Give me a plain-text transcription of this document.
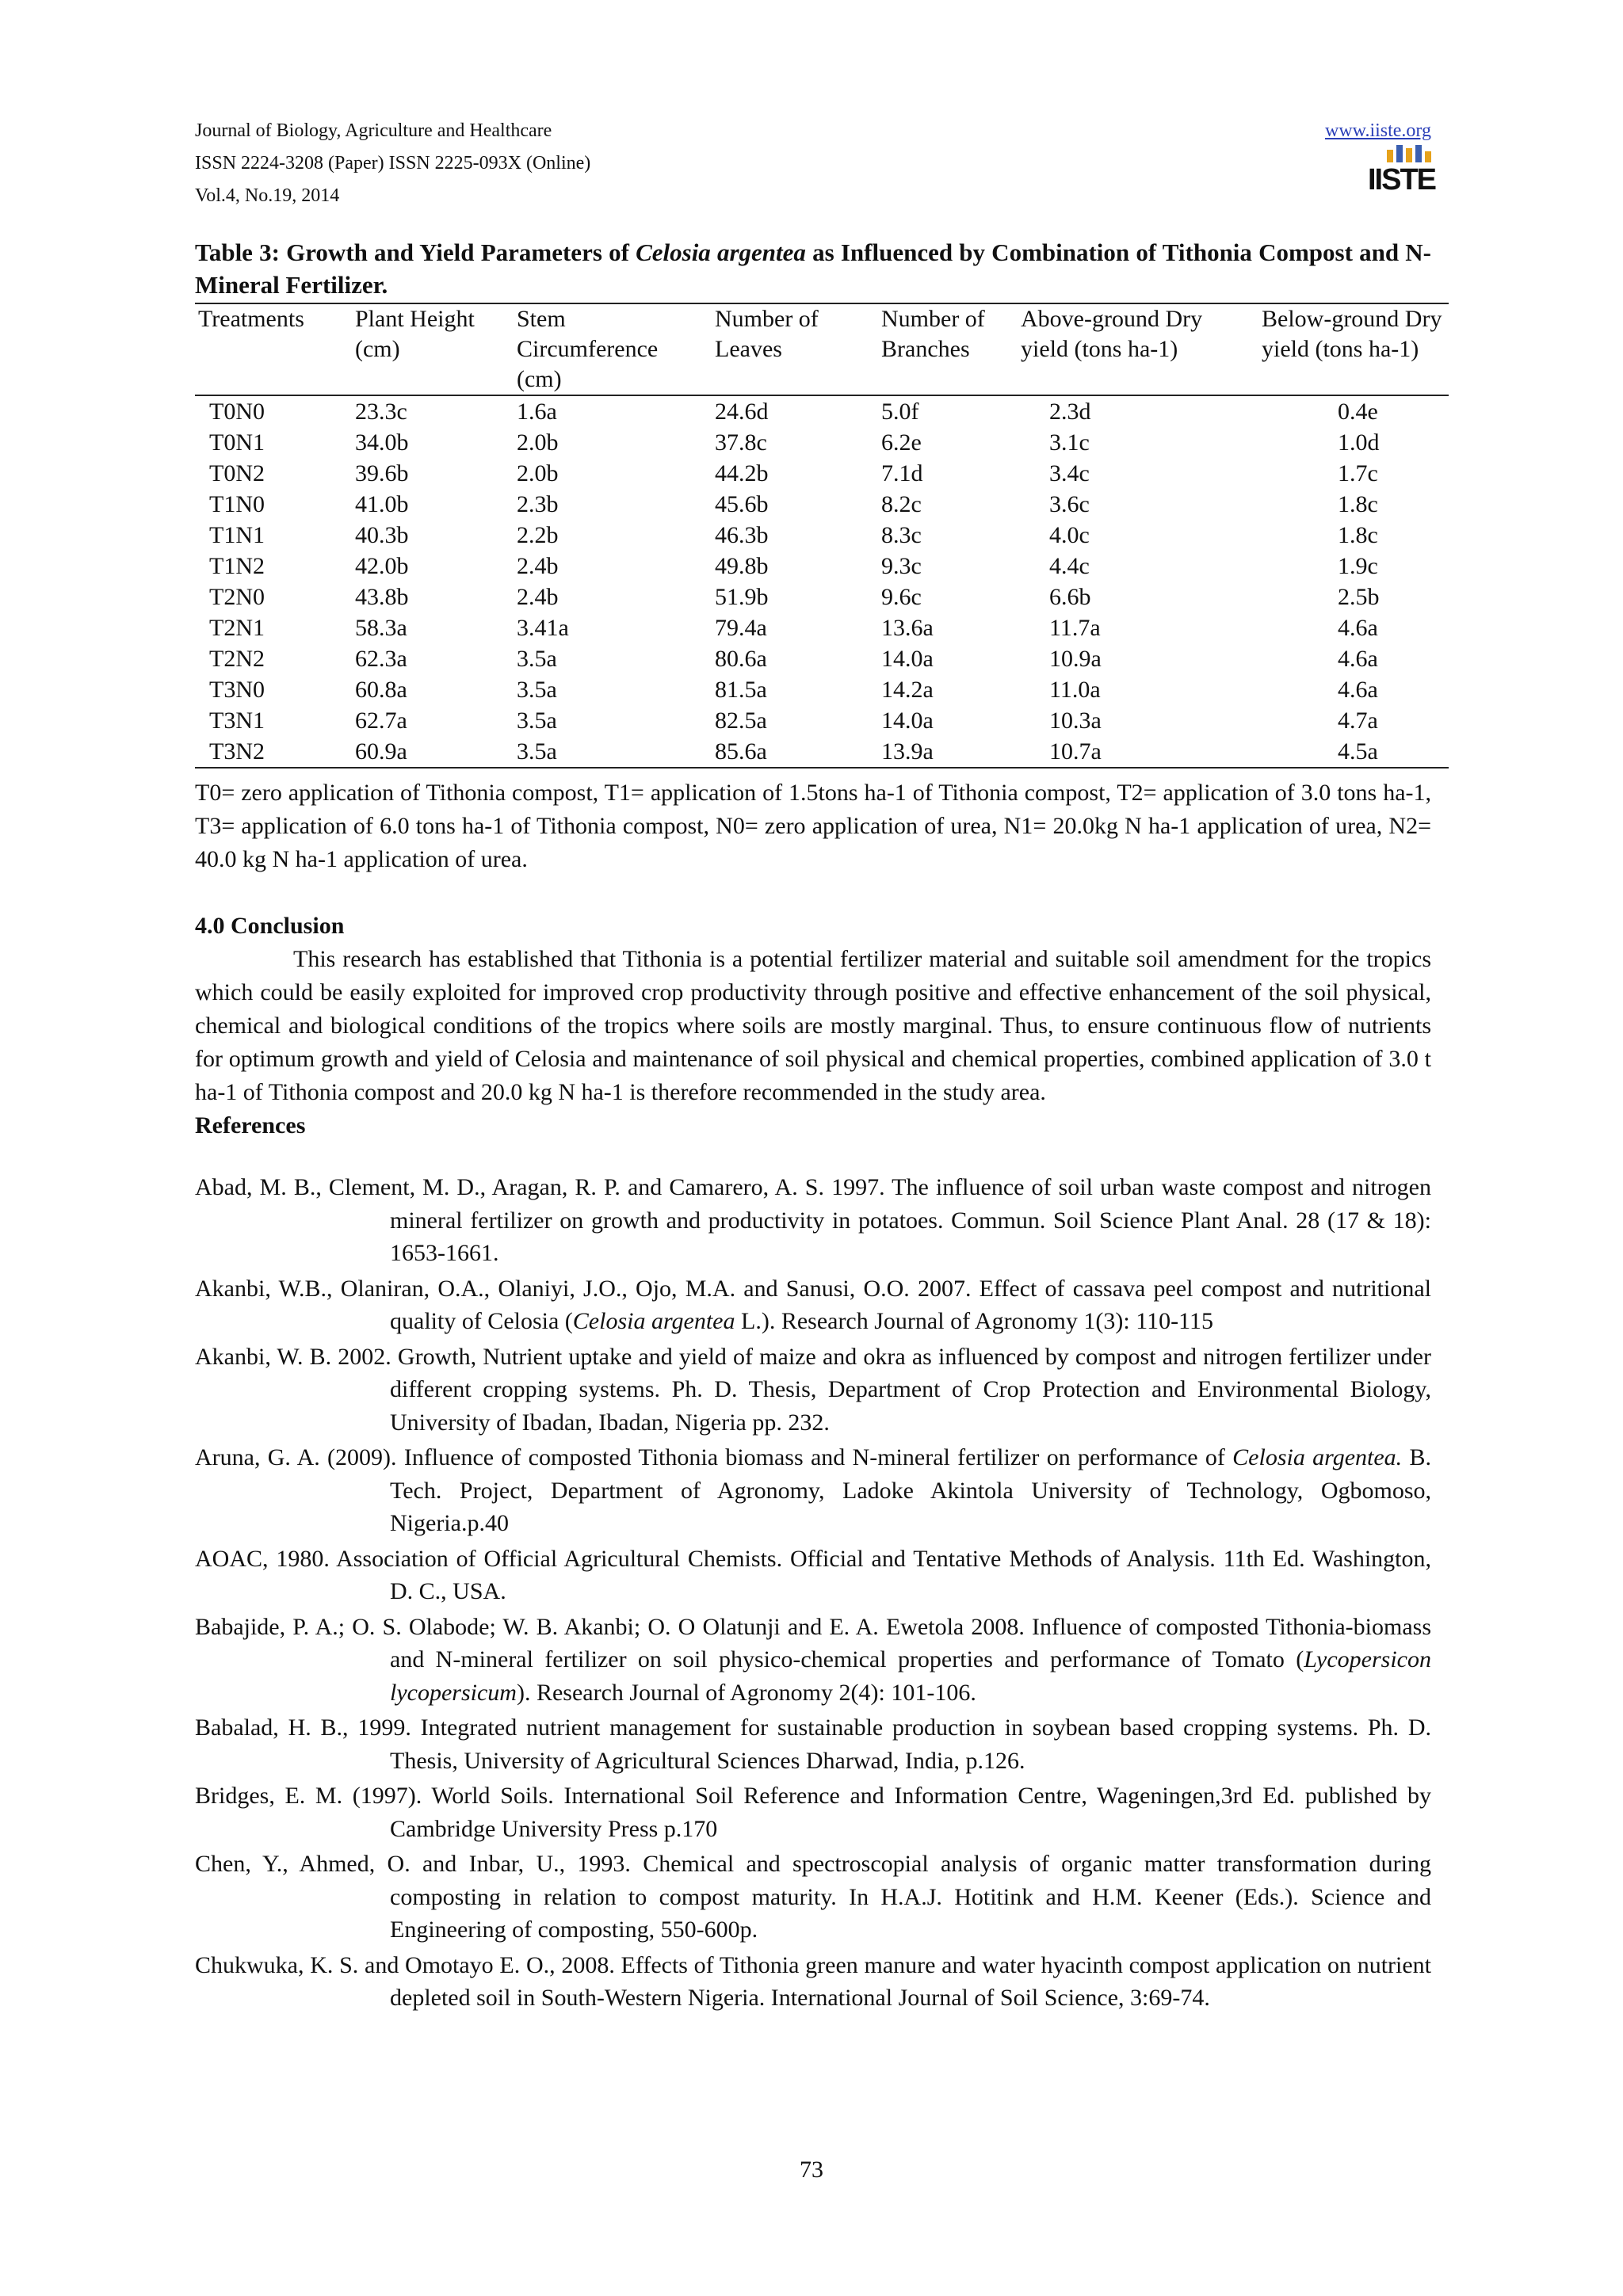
Journal of Biology, Agriculture and Healthcare
ISSN 2224-3208 (Paper) ISSN 2225-093X (Online)
Vol.4, No.19, 2014
www.iiste.org
IISTE
Table 3: Growth and Yield Parameters of Celosia argentea as Influenced by Combination of Tithonia Compost and N-Mineral Fertilizer.
Treatments	Plant Height (cm)	Stem Circumference (cm)	Number of Leaves	Number of Branches	Above-ground Dry yield (tons ha-1)	Below-ground Dry yield (tons ha-1)
T0N0	23.3c	1.6a	24.6d	5.0f	2.3d	0.4e
T0N1	34.0b	2.0b	37.8c	6.2e	3.1c	1.0d
T0N2	39.6b	2.0b	44.2b	7.1d	3.4c	1.7c
T1N0	41.0b	2.3b	45.6b	8.2c	3.6c	1.8c
T1N1	40.3b	2.2b	46.3b	8.3c	4.0c	1.8c
T1N2	42.0b	2.4b	49.8b	9.3c	4.4c	1.9c
T2N0	43.8b	2.4b	51.9b	9.6c	6.6b	2.5b
T2N1	58.3a	3.41a	79.4a	13.6a	11.7a	4.6a
T2N2	62.3a	3.5a	80.6a	14.0a	10.9a	4.6a
T3N0	60.8a	3.5a	81.5a	14.2a	11.0a	4.6a
T3N1	62.7a	3.5a	82.5a	14.0a	10.3a	4.7a
T3N2	60.9a	3.5a	85.6a	13.9a	10.7a	4.5a
T0= zero application of Tithonia compost, T1= application of 1.5tons ha-1 of Tithonia compost, T2= application of 3.0 tons ha-1, T3= application of 6.0 tons ha-1 of Tithonia compost, N0= zero application of urea, N1= 20.0kg N ha-1 application of urea, N2= 40.0 kg N ha-1 application of urea.
4.0 Conclusion

This research has established that Tithonia is a potential fertilizer material and suitable soil amendment for the tropics which could be easily exploited for improved crop productivity through positive and effective enhancement of the soil physical, chemical and biological conditions of the tropics where soils are mostly marginal. Thus, to ensure continuous flow of nutrients for optimum growth and yield of Celosia and maintenance of soil physical and chemical properties, combined application of 3.0 t ha-1 of Tithonia compost and 20.0 kg N ha-1 is therefore recommended in the study area.

References
Abad, M. B., Clement, M. D., Aragan, R. P. and Camarero, A. S. 1997. The influence of soil urban waste compost and nitrogen mineral fertilizer on growth and productivity in potatoes. Commun. Soil Science Plant Anal. 28 (17 & 18): 1653-1661.
Akanbi, W.B., Olaniran, O.A., Olaniyi, J.O., Ojo, M.A. and Sanusi, O.O. 2007. Effect of cassava peel compost and nutritional quality of Celosia (Celosia argentea L.). Research Journal of Agronomy 1(3): 110-115
Akanbi, W. B. 2002. Growth, Nutrient uptake and yield of maize and okra as influenced by compost and nitrogen fertilizer under different cropping systems. Ph. D. Thesis, Department of Crop Protection and Environmental Biology, University of Ibadan, Ibadan, Nigeria pp. 232.
Aruna, G. A. (2009). Influence of composted Tithonia biomass and N-mineral fertilizer on performance of Celosia argentea. B. Tech. Project, Department of Agronomy, Ladoke Akintola University of Technology, Ogbomoso, Nigeria.p.40
AOAC, 1980. Association of Official Agricultural Chemists. Official and Tentative Methods of Analysis. 11th Ed. Washington, D. C., USA.
Babajide, P. A.; O. S. Olabode; W. B. Akanbi; O. O Olatunji and E. A. Ewetola 2008. Influence of composted Tithonia-biomass and N-mineral fertilizer on soil physico-chemical properties and performance of Tomato (Lycopersicon lycopersicum). Research Journal of Agronomy 2(4): 101-106.
Babalad, H. B., 1999. Integrated nutrient management for sustainable production in soybean based cropping systems. Ph. D. Thesis, University of Agricultural Sciences Dharwad, India, p.126.
Bridges, E. M. (1997). World Soils. International Soil Reference and Information Centre, Wageningen,3rd Ed. published by Cambridge University Press p.170
Chen, Y., Ahmed, O. and Inbar, U., 1993. Chemical and spectroscopial analysis of organic matter transformation during composting in relation to compost maturity. In H.A.J. Hotitink and H.M. Keener (Eds.). Science and Engineering of composting, 550-600p.
Chukwuka, K. S. and Omotayo E. O., 2008. Effects of Tithonia green manure and water hyacinth compost application on nutrient depleted soil in South-Western Nigeria. International Journal of Soil Science, 3:69-74.
73
